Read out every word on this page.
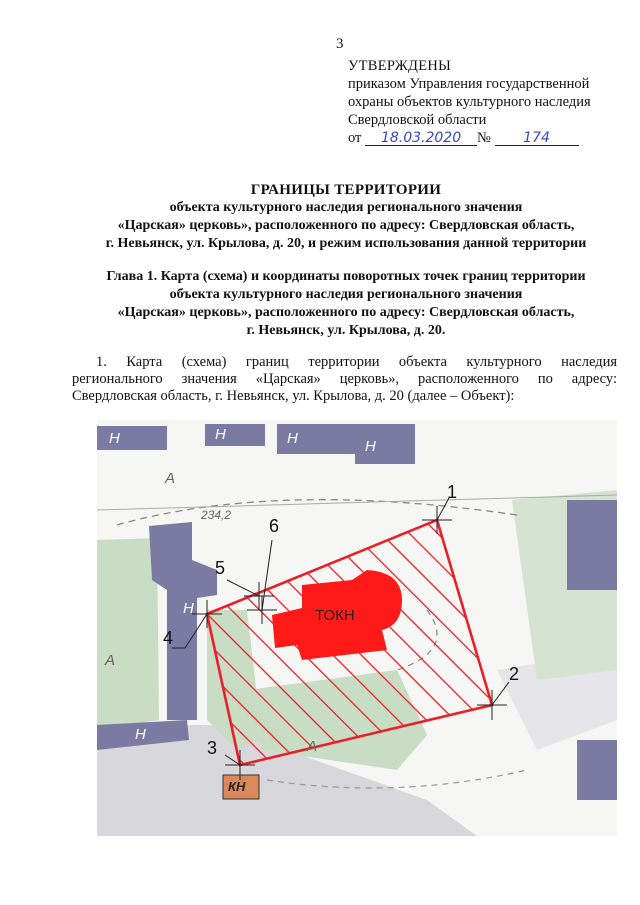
3
УТВЕРЖДЕНЫ
приказом Управления государственной
охраны объектов культурного наследия
Свердловской области
от 18.03.2020 № 174
ГРАНИЦЫ ТЕРРИТОРИИ
объекта культурного наследия регионального значения
«Царская» церковь», расположенного по адресу: Свердловская область,
г. Невьянск, ул. Крылова, д. 20, и режим использования данной территории
Глава 1. Карта (схема) и координаты поворотных точек границ территории
объекта культурного наследия регионального значения
«Царская» церковь», расположенного по адресу: Свердловская область,
г. Невьянск, ул. Крылова, д. 20.
1. Карта (схема) границ территории объекта культурного наследия
регионального значения «Царская» церковь», расположенного по адресу:
Свердловская область, г. Невьянск, ул. Крылова, д. 20 (далее – Объект):
ТОКН
234,2
КН
Н	Н	Н	Н
Н
Н
А
А
А
1
2
3
4
5
6
